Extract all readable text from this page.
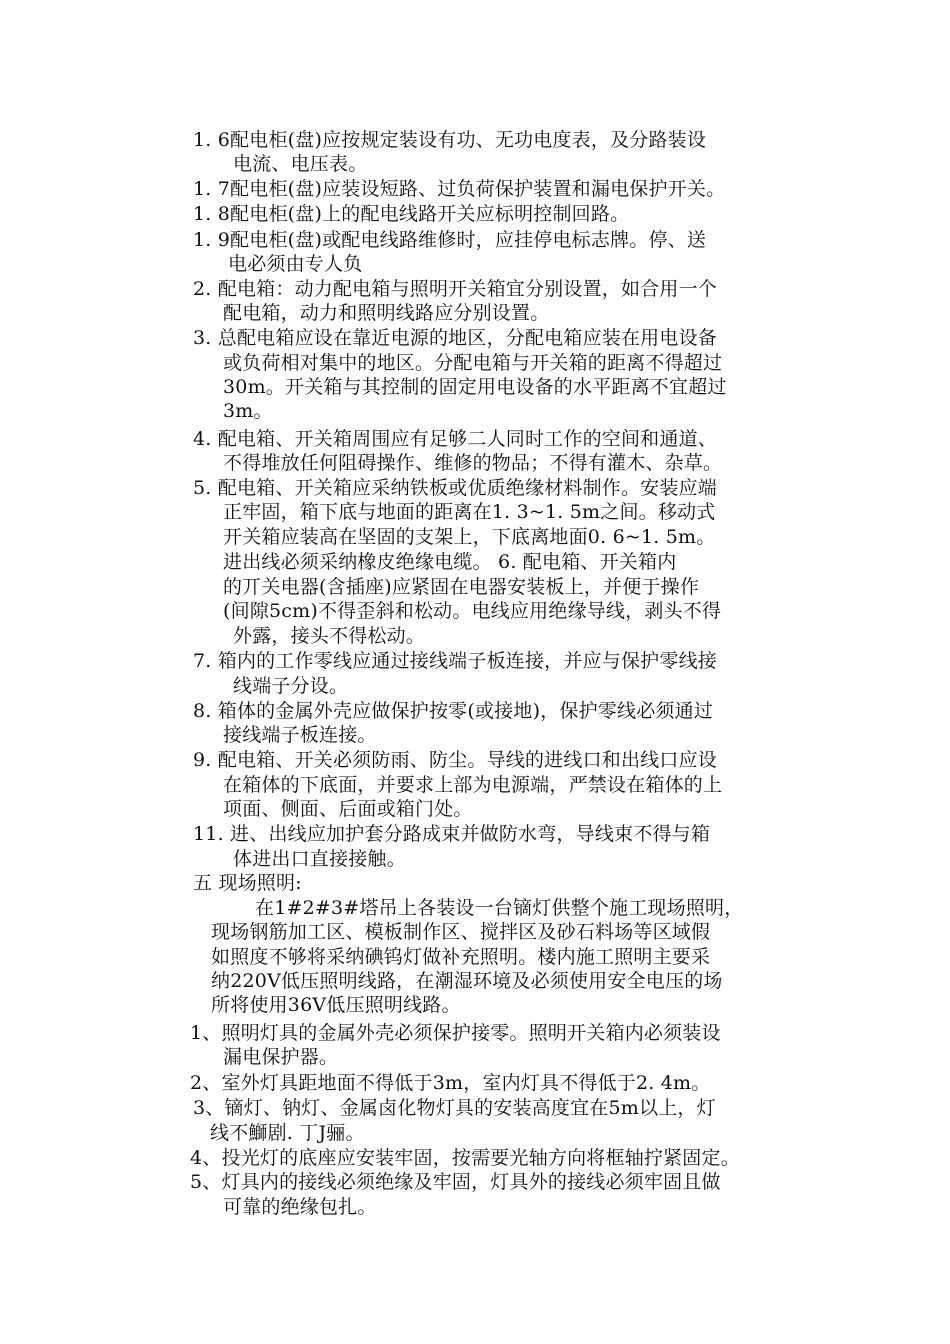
1. 6配电柜(盘)应按规定装设有功、无功电度表，及分路装设
电流、电压表。
1. 7配电柜(盘)应装设短路、过负荷保护装置和漏电保护开关。
1. 8配电柜(盘)上的配电线路开关应标明控制回路。
1. 9配电柜(盘)或配电线路维修时，应挂停电标志牌。停、送
电必须由专人负
2. 配电箱：动力配电箱与照明开关箱宜分别设置，如合用一个
配电箱，动力和照明线路应分别设置。
3. 总配电箱应设在靠近电源的地区，分配电箱应装在用电设备
或负荷相对集中的地区。分配电箱与开关箱的距离不得超过
30m。开关箱与其控制的固定用电设备的水平距离不宜超过
3m。
4. 配电箱、开关箱周围应有足够二人同时工作的空间和通道、
不得堆放任何阻碍操作、维修的物品；不得有灌木、杂草。
5. 配电箱、开关箱应采纳铁板或优质绝缘材料制作。安装应端
正牢固，箱下底与地面的距离在1. 3~1. 5m之间。移动式
开关箱应装高在坚固的支架上，下底离地面0. 6~1. 5m。
进出线必须采纳橡皮绝缘电缆。 6. 配电箱、开关箱内
的丌关电器(含插座)应紧固在电器安装板上，并便于操作
(间隙5cm)不得歪斜和松动。电线应用绝缘导线，剥头不得
外露，接头不得松动。
7. 箱内的工作零线应通过接线端子板连接，并应与保护零线接
线端子分设。
8. 箱体的金属外壳应做保护按零(或接地)，保护零线必须通过
接线端子板连接。
9. 配电箱、开关必须防雨、防尘。导线的进线口和出线口应设
在箱体的下底面，并要求上部为电源端，严禁设在箱体的上
项面、侧面、后面或箱门处。
11. 进、出线应加护套分路成束并做防水弯，导线束不得与箱
体进出口直接接触。
五 现场照明:
在1#2#3#塔吊上各装设一台镝灯供整个施工现场照明，
现场钢筋加工区、模板制作区、搅拌区及砂石料场等区域假
如照度不够将采纳碘钨灯做补充照明。楼内施工照明主要采
纳220V低压照明线路，在潮湿环境及必须使用安全电压的场
所将使用36V低压照明线路。
1、照明灯具的金属外壳必须保护接零。照明开关箱内必须装设
漏电保护器。
2、室外灯具距地面不得低于3m，室内灯具不得低于2. 4m。
3、镝灯、钠灯、金属卤化物灯具的安装高度宜在5m以上，灯
线不鰤剧. 丁J骊。
4、投光灯的底座应安装牢固，按需要光轴方向将框轴拧紧固定。
5、灯具内的接线必须绝缘及牢固，灯具外的接线必须牢固且做
可靠的绝缘包扎。
